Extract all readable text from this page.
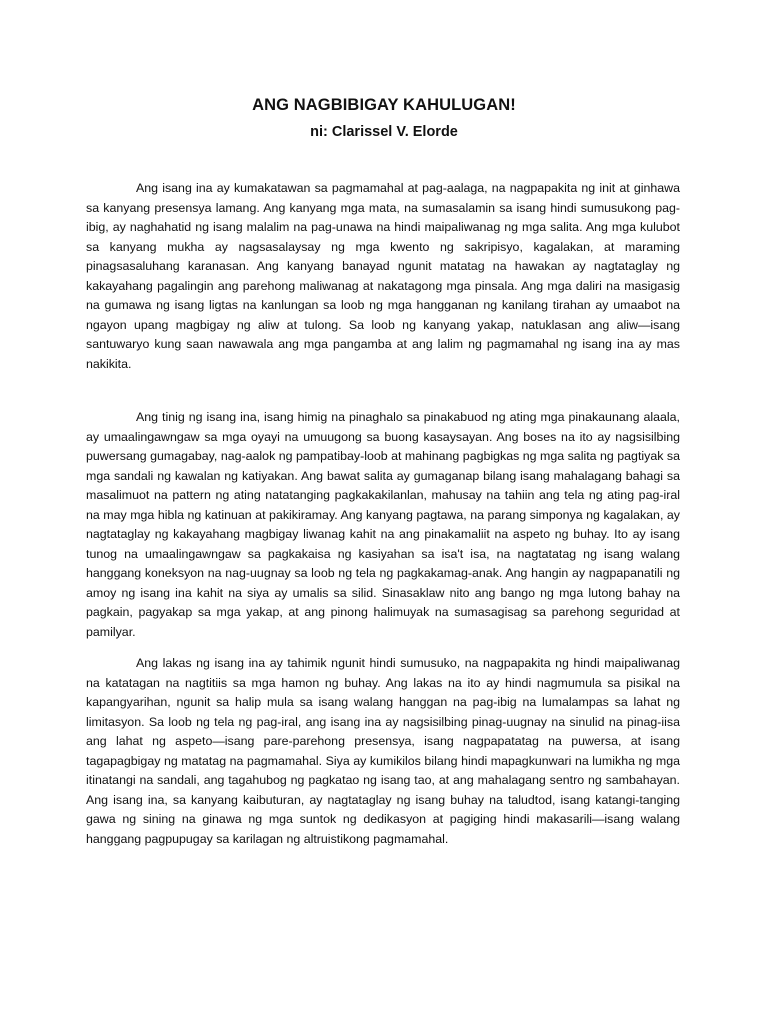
ANG NAGBIBIGAY KAHULUGAN!
ni: Clarissel V. Elorde

Ang isang ina ay kumakatawan sa pagmamahal at pag-aalaga, na nagpapakita ng init at ginhawa sa kanyang presensya lamang. Ang kanyang mga mata, na sumasalamin sa isang hindi sumusukong pag-ibig, ay naghahatid ng isang malalim na pag-unawa na hindi maipaliwanag ng mga salita. Ang mga kulubot sa kanyang mukha ay nagsasalaysay ng mga kwento ng sakripisyo, kagalakan, at maraming pinagsasaluhang karanasan. Ang kanyang banayad ngunit matatag na hawakan ay nagtataglay ng kakayahang pagalingin ang parehong maliwanag at nakatagong mga pinsala. Ang mga daliri na masigasig na gumawa ng isang ligtas na kanlungan sa loob ng mga hangganan ng kanilang tirahan ay umaabot na ngayon upang magbigay ng aliw at tulong. Sa loob ng kanyang yakap, natuklasan ang aliw—isang santuwaryo kung saan nawawala ang mga pangamba at ang lalim ng pagmamahal ng isang ina ay mas nakikita.

Ang tinig ng isang ina, isang himig na pinaghalo sa pinakabuod ng ating mga pinakaunang alaala, ay umaalingawngaw sa mga oyayi na umuugong sa buong kasaysayan. Ang boses na ito ay nagsisilbing puwersang gumagabay, nag-aalok ng pampatibay-loob at mahinang pagbigkas ng mga salita ng pagtiyak sa mga sandali ng kawalan ng katiyakan. Ang bawat salita ay gumaganap bilang isang mahalagang bahagi sa masalimuot na pattern ng ating natatanging pagkakakilanlan, mahusay na tahiin ang tela ng ating pag-iral na may mga hibla ng katinuan at pakikiramay. Ang kanyang pagtawa, na parang simponya ng kagalakan, ay nagtataglay ng kakayahang magbigay liwanag kahit na ang pinakamaliit na aspeto ng buhay. Ito ay isang tunog na umaalingawngaw sa pagkakaisa ng kasiyahan sa isa't isa, na nagtatatag ng isang walang hanggang koneksyon na nag-uugnay sa loob ng tela ng pagkakamag-anak. Ang hangin ay nagpapanatili ng amoy ng isang ina kahit na siya ay umalis sa silid. Sinasaklaw nito ang bango ng mga lutong bahay na pagkain, pagyakap sa mga yakap, at ang pinong halimuyak na sumasagisag sa parehong seguridad at pamilyar.

Ang lakas ng isang ina ay tahimik ngunit hindi sumusuko, na nagpapakita ng hindi maipaliwanag na katatagan na nagtitiis sa mga hamon ng buhay. Ang lakas na ito ay hindi nagmumula sa pisikal na kapangyarihan, ngunit sa halip mula sa isang walang hanggan na pag-ibig na lumalampas sa lahat ng limitasyon. Sa loob ng tela ng pag-iral, ang isang ina ay nagsisilbing pinag-uugnay na sinulid na pinag-iisa ang lahat ng aspeto—isang pare-parehong presensya, isang nagpapatatag na puwersa, at isang tagapagbigay ng matatag na pagmamahal. Siya ay kumikilos bilang hindi mapagkunwari na lumikha ng mga itinatangi na sandali, ang tagahubog ng pagkatao ng isang tao, at ang mahalagang sentro ng sambahayan. Ang isang ina, sa kanyang kaibuturan, ay nagtataglay ng isang buhay na taludtod, isang katangi-tanging gawa ng sining na ginawa ng mga suntok ng dedikasyon at pagiging hindi makasarili—isang walang hanggang pagpupugay sa karilagan ng altruistikong pagmamahal.
